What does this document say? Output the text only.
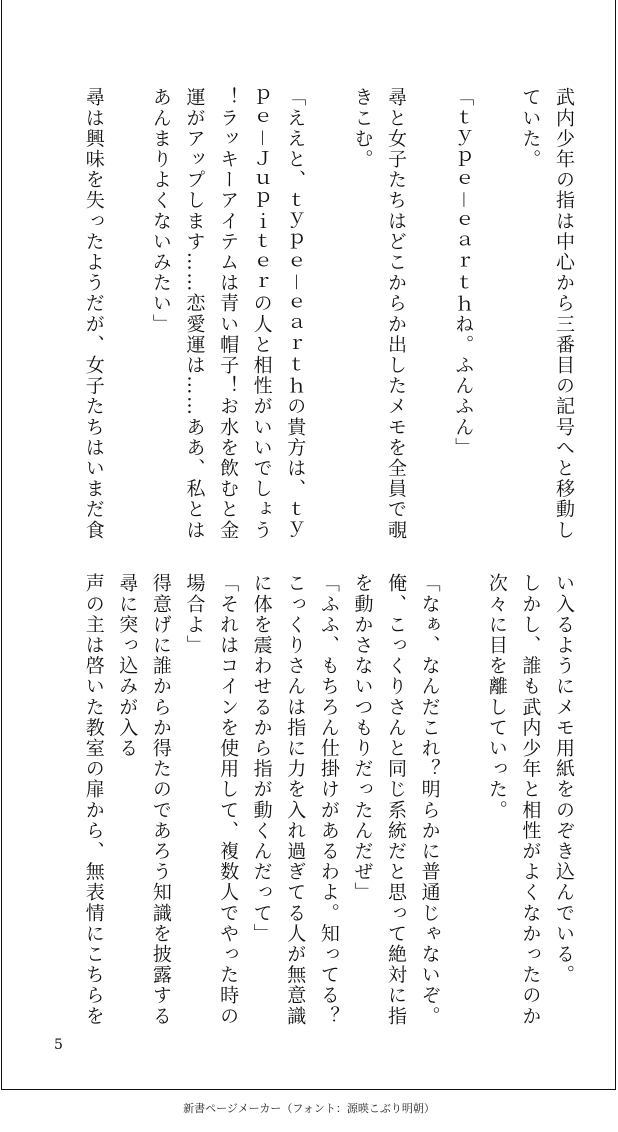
武内少年の指は中心から三番目の記号へと移動し

ていた。

「ｔｙｐｅ－ｅａｒｔｈね。ふんふん」

尋と女子たちはどこからか出したメモを全員で覗

きこむ。

「ええと、ｔｙｐｅ－ｅａｒｔｈの貴方は、ｔｙ

ｐｅ－Ｊｕｐｉｔｅｒの人と相性がいいでしょう

！ラッキーアイテムは青い帽子！お水を飲むと金

運がアップします……恋愛運は……ああ、私とは

あんまりよくないみたい」

尋は興味を失ったようだが、女子たちはいまだ食

い入るようにメモ用紙をのぞき込んでいる。

しかし、誰も武内少年と相性がよくなかったのか

次々に目を離していった。

「なぁ、なんだこれ？明らかに普通じゃないぞ。

俺、こっくりさんと同じ系統だと思って絶対に指

を動かさないつもりだったんだぜ」

「ふふ、もちろん仕掛けがあるわよ。知ってる？

こっくりさんは指に力を入れ過ぎてる人が無意識

に体を震わせるから指が動くんだって」

「それはコインを使用して、複数人でやった時の

場合よ」

得意げに誰からか得たのであろう知識を披露する

尋に突っ込みが入る

声の主は啓いた教室の扉から、無表情にこちらを

5
新書ページメーカー（フォント：源暎こぶり明朝）
